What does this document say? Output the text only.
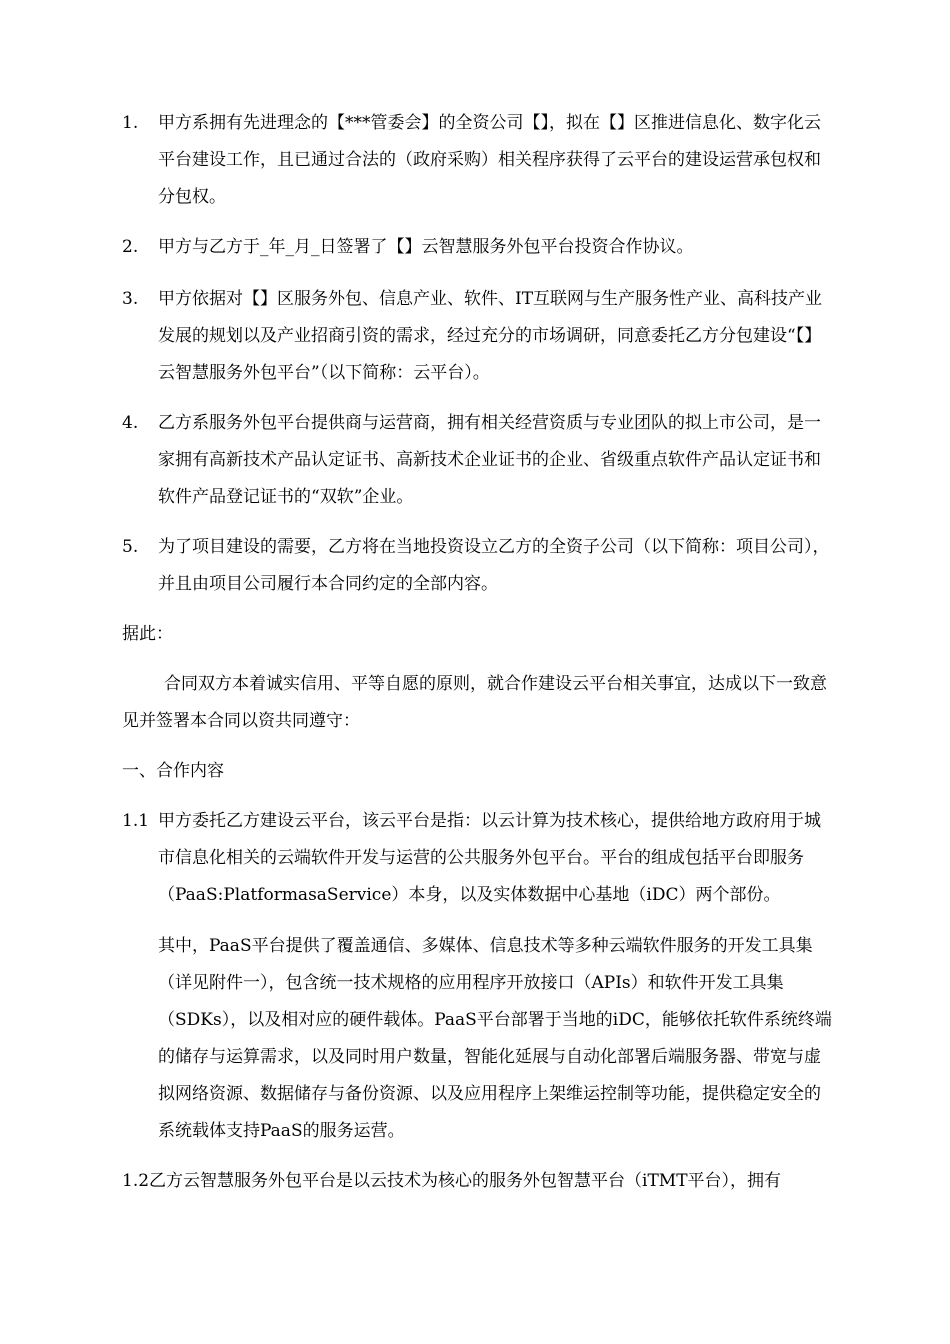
1. 甲方系拥有先进理念的【***管委会】的全资公司【】，拟在【】区推进信息化、数字化云平台建设工作，且已通过合法的（政府采购）相关程序获得了云平台的建设运营承包权和分包权。
2. 甲方与乙方于_年_月_日签署了【】云智慧服务外包平台投资合作协议。
3. 甲方依据对【】区服务外包、信息产业、软件、IT互联网与生产服务性产业、高科技产业发展的规划以及产业招商引资的需求，经过充分的市场调研，同意委托乙方分包建设“【】云智慧服务外包平台”（以下简称：云平台）。
4. 乙方系服务外包平台提供商与运营商，拥有相关经营资质与专业团队的拟上市公司，是一家拥有高新技术产品认定证书、高新技术企业证书的企业、省级重点软件产品认定证书和软件产品登记证书的“双软”企业。
5. 为了项目建设的需要，乙方将在当地投资设立乙方的全资子公司（以下简称：项目公司），并且由项目公司履行本合同约定的全部内容。
据此：
合同双方本着诚实信用、平等自愿的原则，就合作建设云平台相关事宜，达成以下一致意见并签署本合同以资共同遵守：
一、合作内容
1.1 甲方委托乙方建设云平台，该云平台是指：以云计算为技术核心，提供给地方政府用于城市信息化相关的云端软件开发与运营的公共服务外包平台。平台的组成包括平台即服务（PaaS:PlatformasaService）本身，以及实体数据中心基地（iDC）两个部份。
其中，PaaS平台提供了覆盖通信、多媒体、信息技术等多种云端软件服务的开发工具集（详见附件一），包含统一技术规格的应用程序开放接口（APIs）和软件开发工具集（SDKs），以及相对应的硬件载体。PaaS平台部署于当地的iDC，能够依托软件系统终端的储存与运算需求，以及同时用户数量，智能化延展与自动化部署后端服务器、带宽与虚拟网络资源、数据储存与备份资源、以及应用程序上架维运控制等功能，提供稳定安全的系统载体支持PaaS的服务运营。
1.2乙方云智慧服务外包平台是以云技术为核心的服务外包智慧平台（iTMT平台），拥有
